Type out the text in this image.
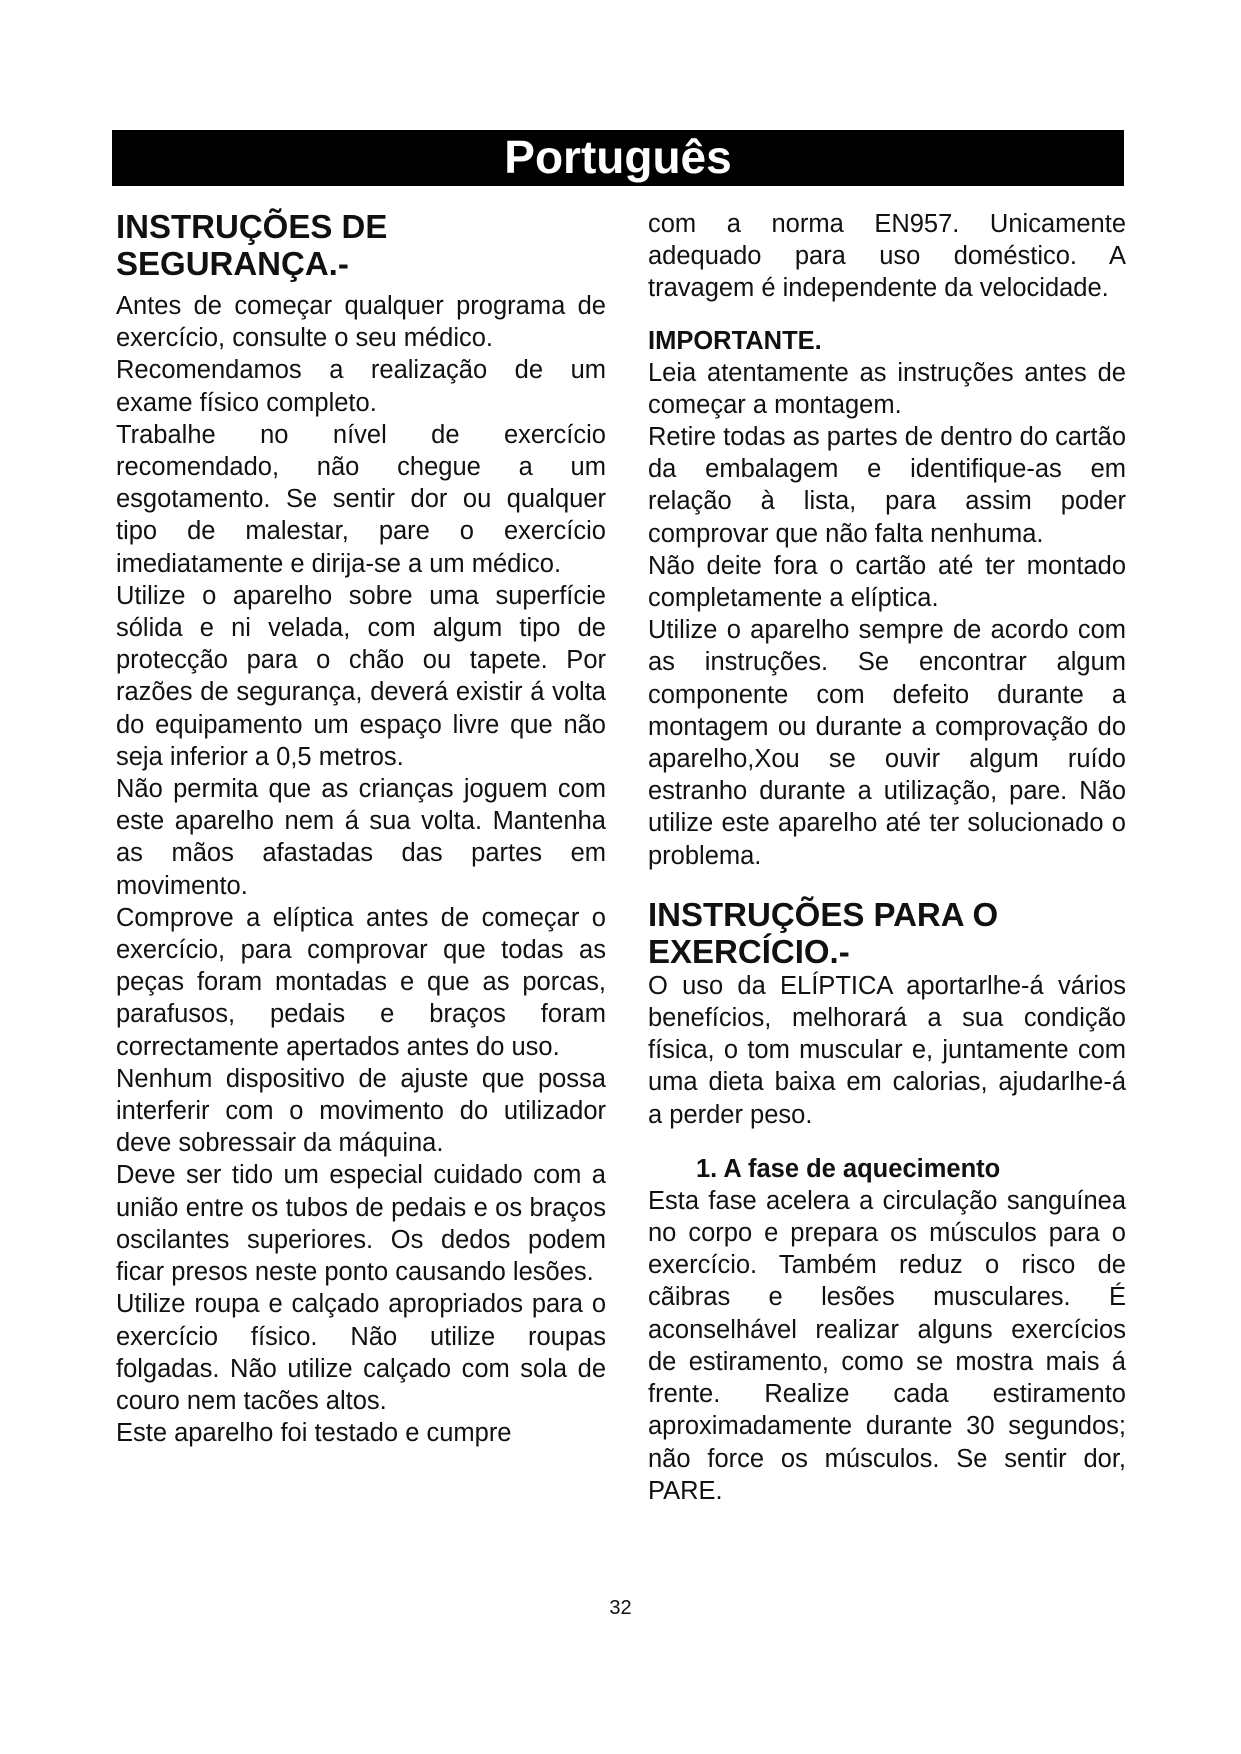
Português
INSTRUÇÕES DE SEGURANÇA.-

Antes de começar qualquer programa de exercício, consulte o seu médico.

Recomendamos a realização de um exame físico completo.

Trabalhe no nível de exercício recomendado, não chegue a um esgotamento. Se sentir dor ou qualquer tipo de malestar, pare o exercício imediatamente e dirija-se a um médico.

Utilize o aparelho sobre uma superfície sólida e ni velada, com algum tipo de protecção para o chão ou tapete. Por razões de segurança, deverá existir á volta do equipamento um espaço livre que não seja inferior a 0,5 metros.

Não permita que as crianças joguem com este aparelho nem á sua volta. Mantenha as mãos afastadas das partes em movimento.

Comprove a elíptica antes de começar o exercício, para comprovar que todas as peças foram montadas e que as porcas, parafusos, pedais e braços foram correctamente apertados antes do uso.

Nenhum dispositivo de ajuste que possa interferir com o movimento do utilizador deve sobressair da máquina.

Deve ser tido um especial cuidado com a união entre os tubos de pedais e os braços oscilantes superiores. Os dedos podem ficar presos neste ponto causando lesões.

Utilize roupa e calçado apropriados para o exercício físico. Não utilize roupas folgadas. Não utilize calçado com sola de couro nem tacões altos.

Este aparelho foi testado e cumpre

com a norma EN957. Unicamente adequado para uso doméstico. A travagem é independente da velocidade.

IMPORTANTE.

Leia atentamente as instruções antes de começar a montagem.

Retire todas as partes de dentro do cartão da embalagem e identifique-as em relação à lista, para assim poder comprovar que não falta nenhuma.

Não deite fora o cartão até ter montado completamente a elíptica.

Utilize o aparelho sempre de acordo com as instruções. Se encontrar algum componente com defeito durante a montagem ou durante a comprovação do aparelho,Xou se ouvir algum ruído estranho durante a utilização, pare. Não utilize este aparelho até ter solucionado o problema.

INSTRUÇÕES PARA O EXERCÍCIO.-

O uso da ELÍPTICA aportarlhe-á vários benefícios, melhorará a sua condição física, o tom muscular e, juntamente com uma dieta baixa em calorias, ajudarlhe-á a perder peso.

1. A fase de aquecimento

Esta fase acelera a circulação sanguínea no corpo e prepara os músculos para o exercício. Também reduz o risco de cãibras e lesões musculares. É aconselhável realizar alguns exercícios de estiramento, como se mostra mais á frente. Realize cada estiramento aproximadamente durante 30 segundos; não force os músculos. Se sentir dor, PARE.

32
